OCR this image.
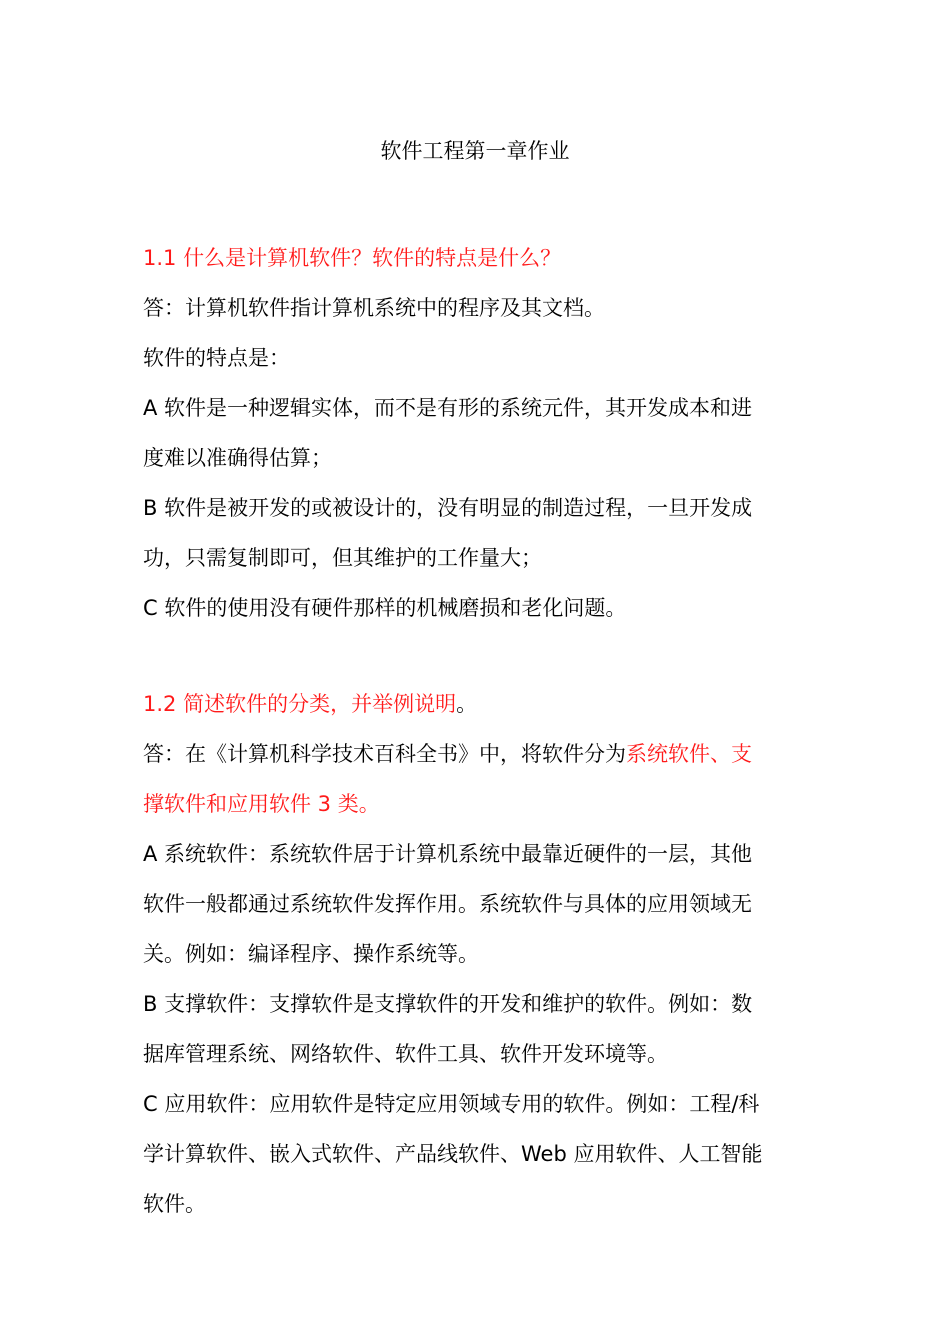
软件工程第一章作业
1.1 什么是计算机软件？软件的特点是什么？
答：计算机软件指计算机系统中的程序及其文档。
软件的特点是：
A 软件是一种逻辑实体，而不是有形的系统元件，其开发成本和进
度难以准确得估算；
B 软件是被开发的或被设计的，没有明显的制造过程，一旦开发成
功，只需复制即可，但其维护的工作量大；
C 软件的使用没有硬件那样的机械磨损和老化问题。
1.2 简述软件的分类，并举例说明。
答：在《计算机科学技术百科全书》中，将软件分为系统软件、支
撑软件和应用软件 3 类。
A 系统软件：系统软件居于计算机系统中最靠近硬件的一层，其他
软件一般都通过系统软件发挥作用。系统软件与具体的应用领域无
关。例如：编译程序、操作系统等。
B 支撑软件：支撑软件是支撑软件的开发和维护的软件。例如：数
据库管理系统、网络软件、软件工具、软件开发环境等。
C 应用软件：应用软件是特定应用领域专用的软件。例如：工程/科
学计算软件、嵌入式软件、产品线软件、Web 应用软件、人工智能
软件。
